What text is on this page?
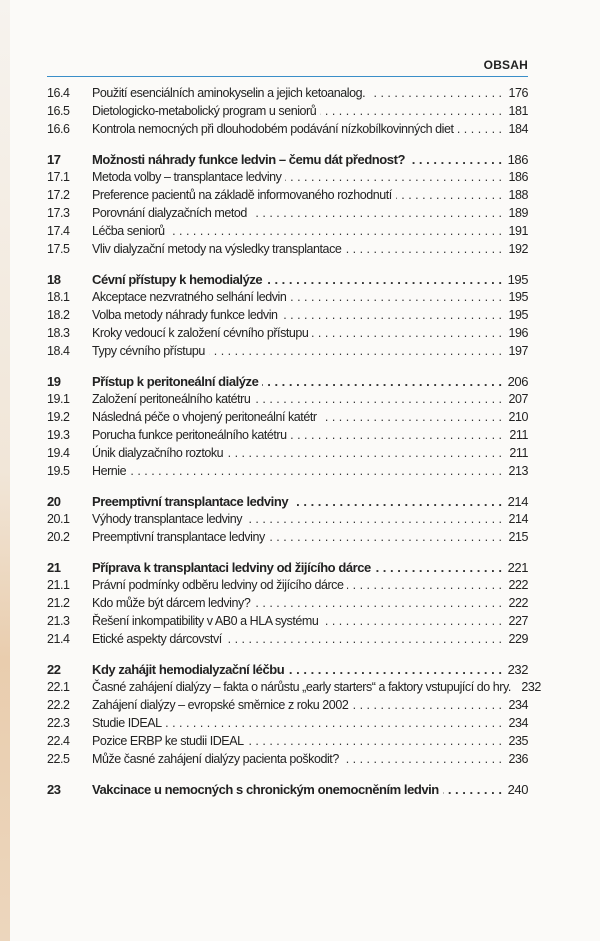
OBSAH
16.4	Použití esenciálních aminokyselin a jejich ketoanalog. . . .	176
16.5	Dietologicko-metabolický program u seniorů . . .	181
16.6	Kontrola nemocných při dlouhodobém podávání nízkobílkovinných diet . . .	184
17	Možnosti náhrady funkce ledvin – čemu dát přednost? . . .	186
17.1	Metoda volby – transplantace ledviny . . .	186
17.2	Preference pacientů na základě informovaného rozhodnutí . . .	188
17.3	Porovnání dialyzačních metod . . .	189
17.4	Léčba seniorů . . .	191
17.5	Vliv dialyzační metody na výsledky transplantace . . .	192
18	Cévní přístupy k hemodialýze . . .	195
18.1	Akceptace nezvratného selhání ledvin . . .	195
18.2	Volba metody náhrady funkce ledvin . . .	195
18.3	Kroky vedoucí k založení cévního přístupu . . .	196
18.4	Typy cévního přístupu . . .	197
19	Přístup k peritoneální dialýze . . .	206
19.1	Založení peritoneálního katétru . . .	207
19.2	Následná péče o vhojený peritoneální katétr . . .	210
19.3	Porucha funkce peritoneálního katétru . . .	211
19.4	Únik dialyzačního roztoku . . .	211
19.5	Hernie . . .	213
20	Preemptivní transplantace ledviny . . .	214
20.1	Výhody transplantace ledviny . . .	214
20.2	Preemptivní transplantace ledviny . . .	215
21	Příprava k transplantaci ledviny od žijícího dárce . . .	221
21.1	Právní podmínky odběru ledviny od žijícího dárce . . .	222
21.2	Kdo může být dárcem ledviny? . . .	222
21.3	Řešení inkompatibility v AB0 a HLA systému . . .	227
21.4	Etické aspekty dárcovství . . .	229
22	Kdy zahájit hemodialyzační léčbu . . .	232
22.1	Časné zahájení dialýzy – fakta o nárůstu „early starters“ a faktory vstupující do hry. 232
22.2	Zahájení dialýzy – evropské směrnice z roku 2002 . . .	234
22.3	Studie IDEAL . . .	234
22.4	Pozice ERBP ke studii IDEAL . . .	235
22.5	Může časné zahájení dialýzy pacienta poškodit? . . .	236
23	Vakcinace u nemocných s chronickým onemocněním ledvin . . .	240
